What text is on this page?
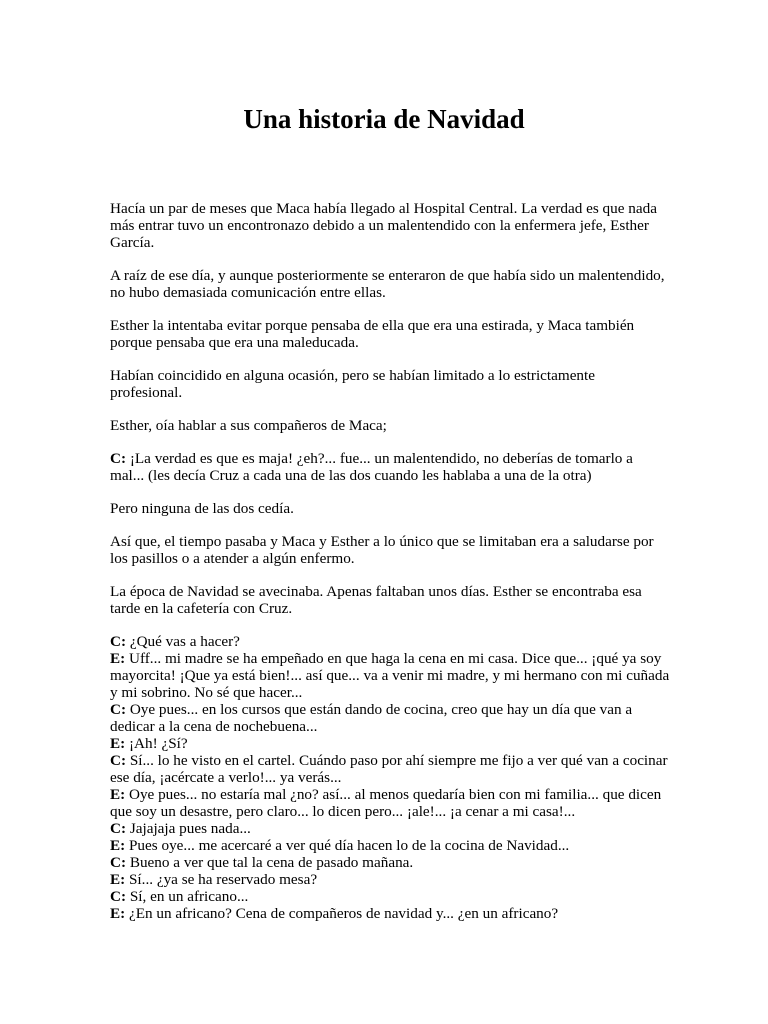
Una historia de Navidad

Hacía un par de meses que Maca había llegado al Hospital Central. La verdad es que nada más entrar tuvo un encontronazo debido a un malentendido con la enfermera jefe, Esther García.

A raíz de ese día, y aunque posteriormente se enteraron de que había sido un malentendido, no hubo demasiada comunicación entre ellas.

Esther la intentaba evitar porque pensaba de ella que era una estirada, y Maca también porque pensaba que era una maleducada.

Habían coincidido en alguna ocasión, pero se habían limitado a lo estrictamente profesional.

Esther, oía hablar a sus compañeros de Maca;

C: ¡La verdad es que es maja! ¿eh?... fue... un malentendido, no deberías de tomarlo a mal... (les decía Cruz a cada una de las dos cuando les hablaba a una de la otra)

Pero ninguna de las dos cedía.

Así que, el tiempo pasaba y Maca y Esther a lo único que se limitaban era a saludarse por los pasillos o a atender a algún enfermo.

La época de Navidad se avecinaba. Apenas faltaban unos días. Esther se encontraba esa tarde en la cafetería con Cruz.

C: ¿Qué vas a hacer?

E: Uff... mi madre se ha empeñado en que haga la cena en mi casa. Dice que... ¡qué ya soy mayorcita! ¡Que ya está bien!... así que... va a venir mi madre, y mi hermano con mi cuñada y mi sobrino. No sé que hacer...

C: Oye pues... en los cursos que están dando de cocina, creo que hay un día que van a dedicar a la cena de nochebuena...

E: ¡Ah! ¿Sí?

C: Sí... lo he visto en el cartel. Cuándo paso por ahí siempre me fijo a ver qué van a cocinar ese día, ¡acércate a verlo!... ya verás...

E: Oye pues... no estaría mal ¿no? así... al menos quedaría bien con mi familia... que dicen que soy un desastre, pero claro... lo dicen pero... ¡ale!... ¡a cenar a mi casa!...

C: Jajajaja pues nada...

E: Pues oye... me acercaré a ver qué día hacen lo de la cocina de Navidad...

C: Bueno a ver que tal la cena de pasado mañana.

E: Sí... ¿ya se ha reservado mesa?

C: Sí, en un africano...

E: ¿En un africano? Cena de compañeros de navidad y... ¿en un africano?
